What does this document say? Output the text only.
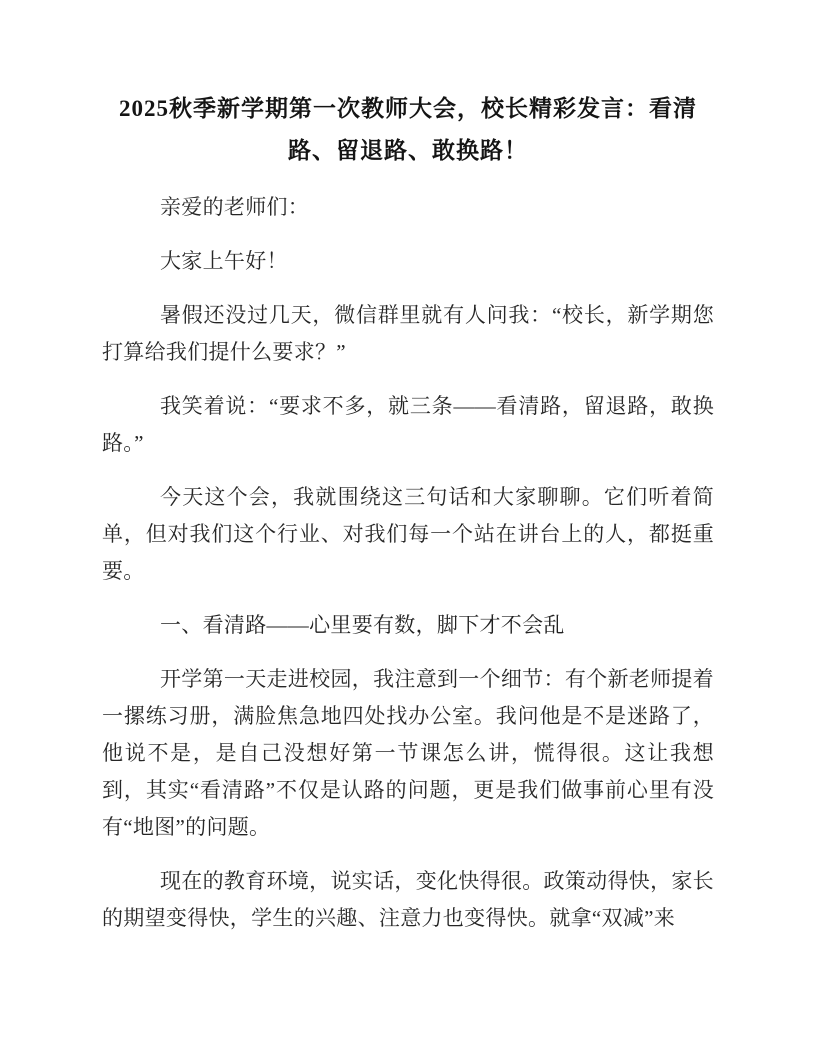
2025秋季新学期第一次教师大会，校长精彩发言：看清路、留退路、敢换路！

亲爱的老师们：

大家上午好！

暑假还没过几天，微信群里就有人问我：“校长，新学期您打算给我们提什么要求？”

我笑着说：“要求不多，就三条——看清路，留退路，敢换路。”

今天这个会，我就围绕这三句话和大家聊聊。它们听着简单，但对我们这个行业、对我们每一个站在讲台上的人，都挺重要。

一、看清路——心里要有数，脚下才不会乱

开学第一天走进校园，我注意到一个细节：有个新老师提着一摞练习册，满脸焦急地四处找办公室。我问他是不是迷路了，他说不是，是自己没想好第一节课怎么讲，慌得很。这让我想到，其实“看清路”不仅是认路的问题，更是我们做事前心里有没有“地图”的问题。

现在的教育环境，说实话，变化快得很。政策动得快，家长的期望变得快，学生的兴趣、注意力也变得快。就拿“双减”来
